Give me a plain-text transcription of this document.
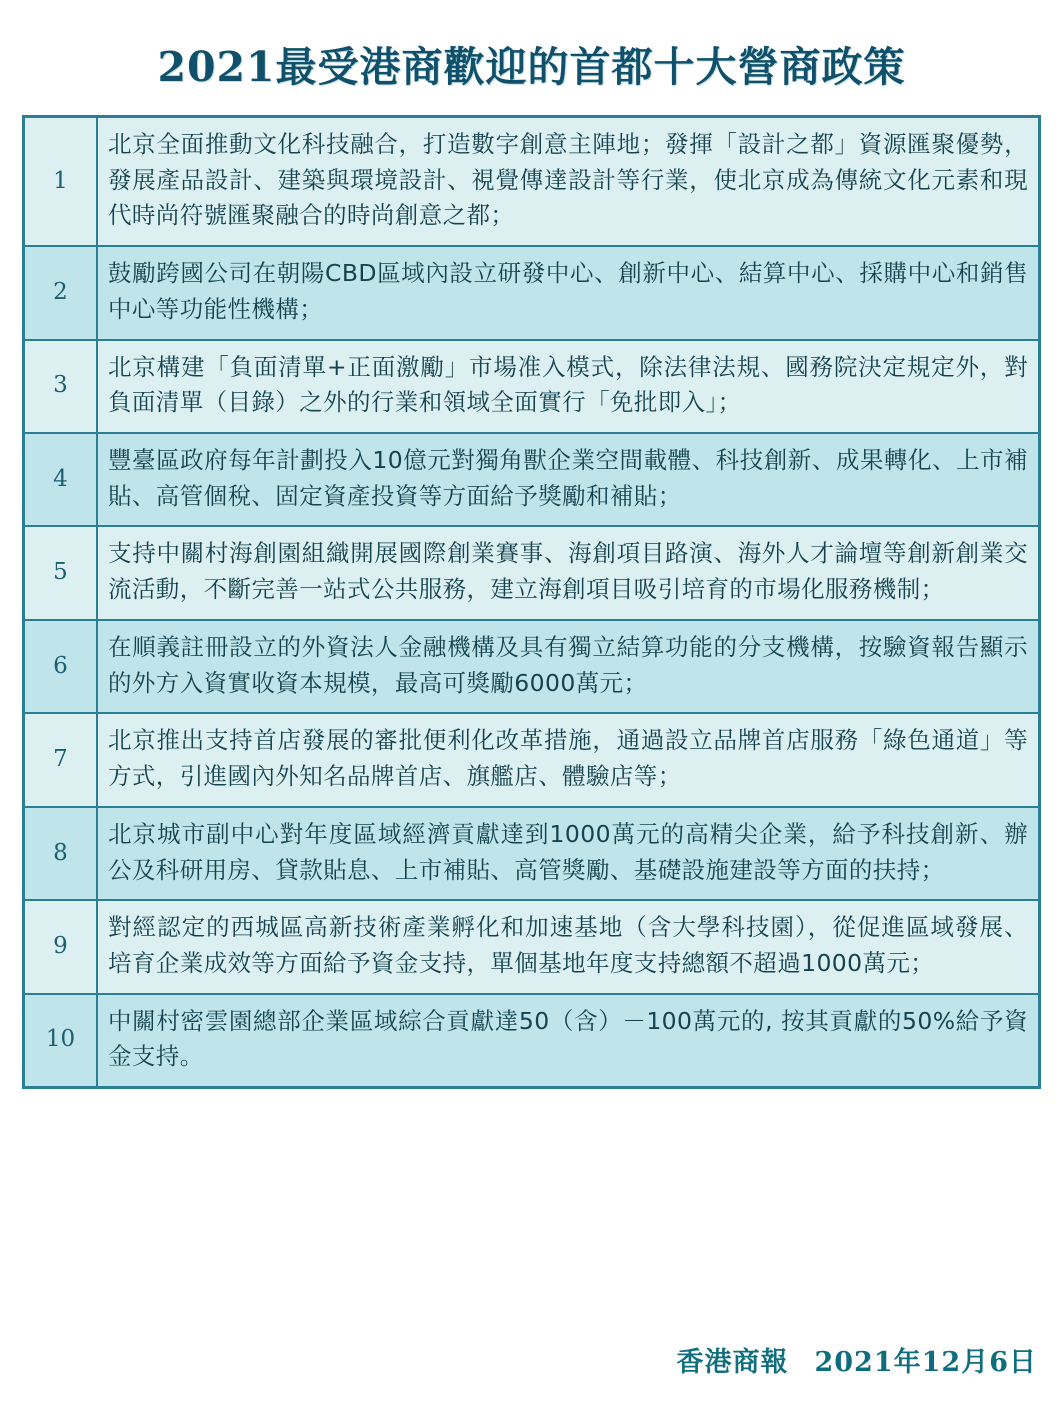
2021最受港商歡迎的首都十大營商政策
1	北京全面推動文化科技融合，打造數字創意主陣地；發揮「設計之都」資源匯聚優勢，發展產品設計、建築與環境設計、視覺傳達設計等行業，使北京成為傳統文化元素和現代時尚符號匯聚融合的時尚創意之都；
2	鼓勵跨國公司在朝陽CBD區域內設立研發中心、創新中心、結算中心、採購中心和銷售中心等功能性機構；
3	北京構建「負面清單+正面激勵」市場准入模式，除法律法規、國務院決定規定外，對負面清單（目錄）之外的行業和領域全面實行「免批即入」；
4	豐臺區政府每年計劃投入10億元對獨角獸企業空間載體、科技創新、成果轉化、上市補貼、高管個稅、固定資產投資等方面給予獎勵和補貼；
5	支持中關村海創園組織開展國際創業賽事、海創項目路演、海外人才論壇等創新創業交流活動，不斷完善一站式公共服務，建立海創項目吸引培育的市場化服務機制；
6	在順義註冊設立的外資法人金融機構及具有獨立結算功能的分支機構，按驗資報告顯示的外方入資實收資本規模，最高可獎勵6000萬元；
7	北京推出支持首店發展的審批便利化改革措施，通過設立品牌首店服務「綠色通道」等方式，引進國內外知名品牌首店、旗艦店、體驗店等；
8	北京城市副中心對年度區域經濟貢獻達到1000萬元的高精尖企業，給予科技創新、辦公及科研用房、貸款貼息、上市補貼、高管獎勵、基礎設施建設等方面的扶持；
9	對經認定的西城區高新技術產業孵化和加速基地（含大學科技園），從促進區域發展、培育企業成效等方面給予資金支持，單個基地年度支持總額不超過1000萬元；
10	中關村密雲園總部企業區域綜合貢獻達50（含）－100萬元的, 按其貢獻的50%給予資金支持。
香港商報 2021年12月6日
